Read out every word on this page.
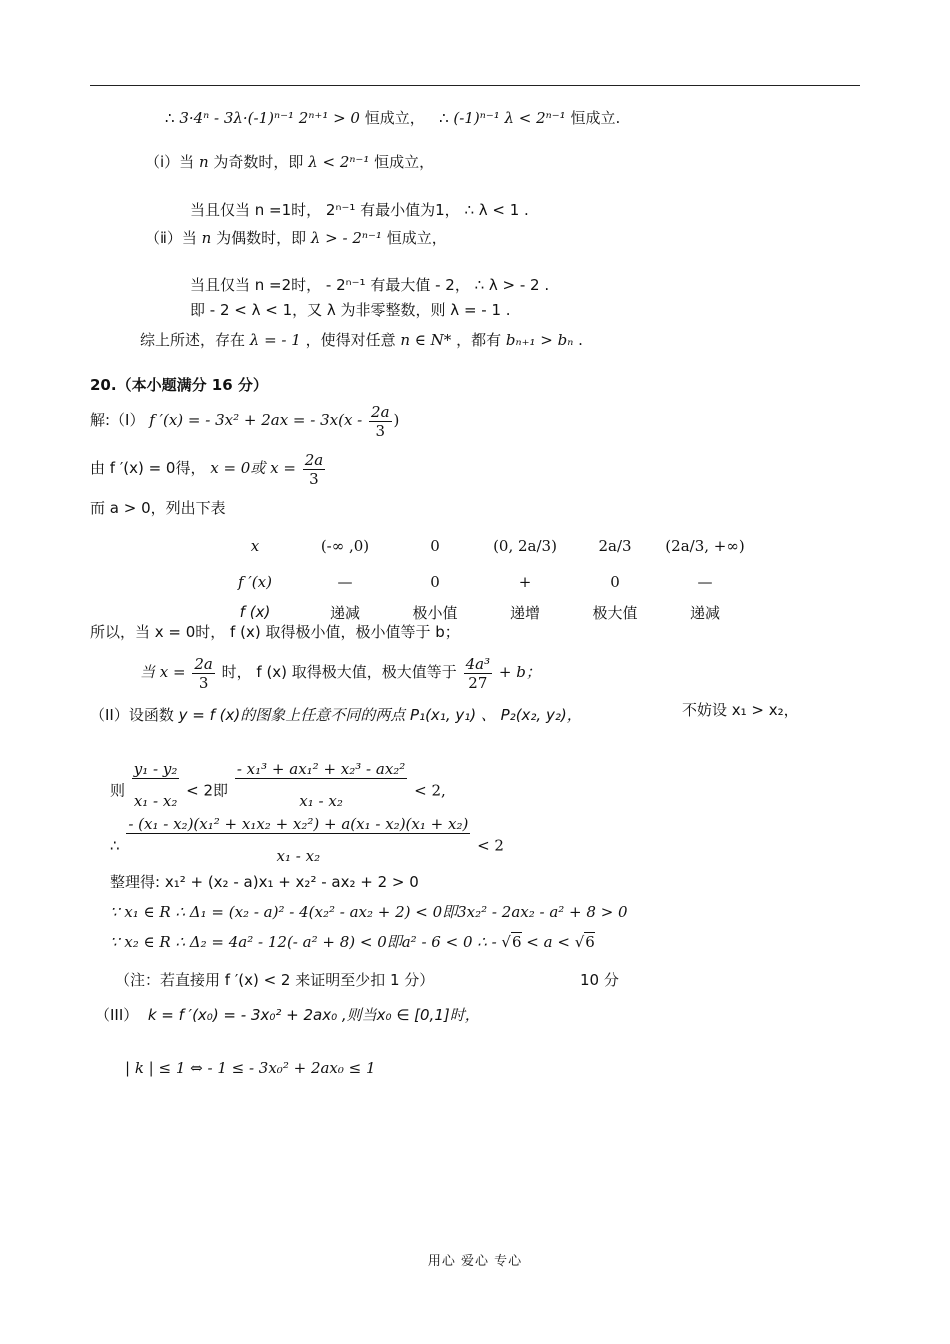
∴ 3·4ⁿ - 3λ·(-1)ⁿ⁻¹ 2ⁿ⁺¹ > 0 恒成立， ∴ (-1)ⁿ⁻¹ λ < 2ⁿ⁻¹ 恒成立.
（ⅰ）当 n 为奇数时，即 λ < 2ⁿ⁻¹ 恒成立，
当且仅当 n =1时， 2ⁿ⁻¹ 有最小值为1， ∴ λ < 1 .
（ⅱ）当 n 为偶数时，即 λ > - 2ⁿ⁻¹ 恒成立，
当且仅当 n =2时， - 2ⁿ⁻¹ 有最大值 - 2， ∴ λ > - 2 .
即 - 2 < λ < 1，又 λ 为非零整数，则 λ = - 1 .
综上所述，存在 λ = - 1 ，使得对任意 n ∈ N* ，都有 bₙ₊₁ > bₙ .
20.（本小题满分 16 分）
解:（I） f ′(x) = - 3x² + 2ax = - $3x(x - \frac{2a}{3}$ )
由 f ′(x) = 0得， x = 0或 $x = \frac{2a}{3}$
而 a > 0，列出下表
x	(-∞ ,0)	0	(0, 2a/3)	2a/3	(2a/3, +∞)
f ′(x)	—	0	+	0	—
f (x)	递减	极小值	递增	极大值	递减
所以，当 x = 0时， f (x) 取得极小值，极小值等于 b；
当 $x = \frac{2a}{3}$ 时， f (x) 取得极大值，极大值等于 $\frac{\text{4a³}}{27} + b$；
（II）设函数 y = f (x)的图象上任意不同的两点 P₁(x₁, y₁) 、 P₂(x₂, y₂)，	不妨设 x₁ > x₂，
则 $\frac{\text{y₁ - y₂}}{\text{x₁ - x₂}} < 2$即 $\frac{\text{- x₁³ + ax₁² + x₂³ - ax₂²}}{\text{x₁ - x₂}} < 2$,
∴ $\frac{\text{- (x₁ - x₂)(x₁² + x₁x₂ + x₂²) + a(x₁ - x₂)(x₁ + x₂)}}{\text{x₁ - x₂}} < 2$
整理得: x₁² + (x₂ - a)x₁ + x₂² - ax₂ + 2 > 0
∵ x₁ ∈ R ∴ Δ₁ = (x₂ - a)² - 4(x₂² - ax₂ + 2) < 0即3x₂² - 2ax₂ - a² + 8 > 0
∵ x₂ ∈ R ∴ Δ₂ = 4a² - 12(- a² + 8) < 0即a² - 6 < 0 ∴ - √6 < a < √6
（注：若直接用 f ′(x) < 2 来证明至少扣 1 分）	10 分
（III） k = f ′(x₀) = - 3x₀² + 2ax₀ ,则当x₀ ∈ [0,1]时，
| k | ≤ 1 ⇔ - 1 ≤ - 3x₀² + 2ax₀ ≤ 1
用心 爱心 专心
